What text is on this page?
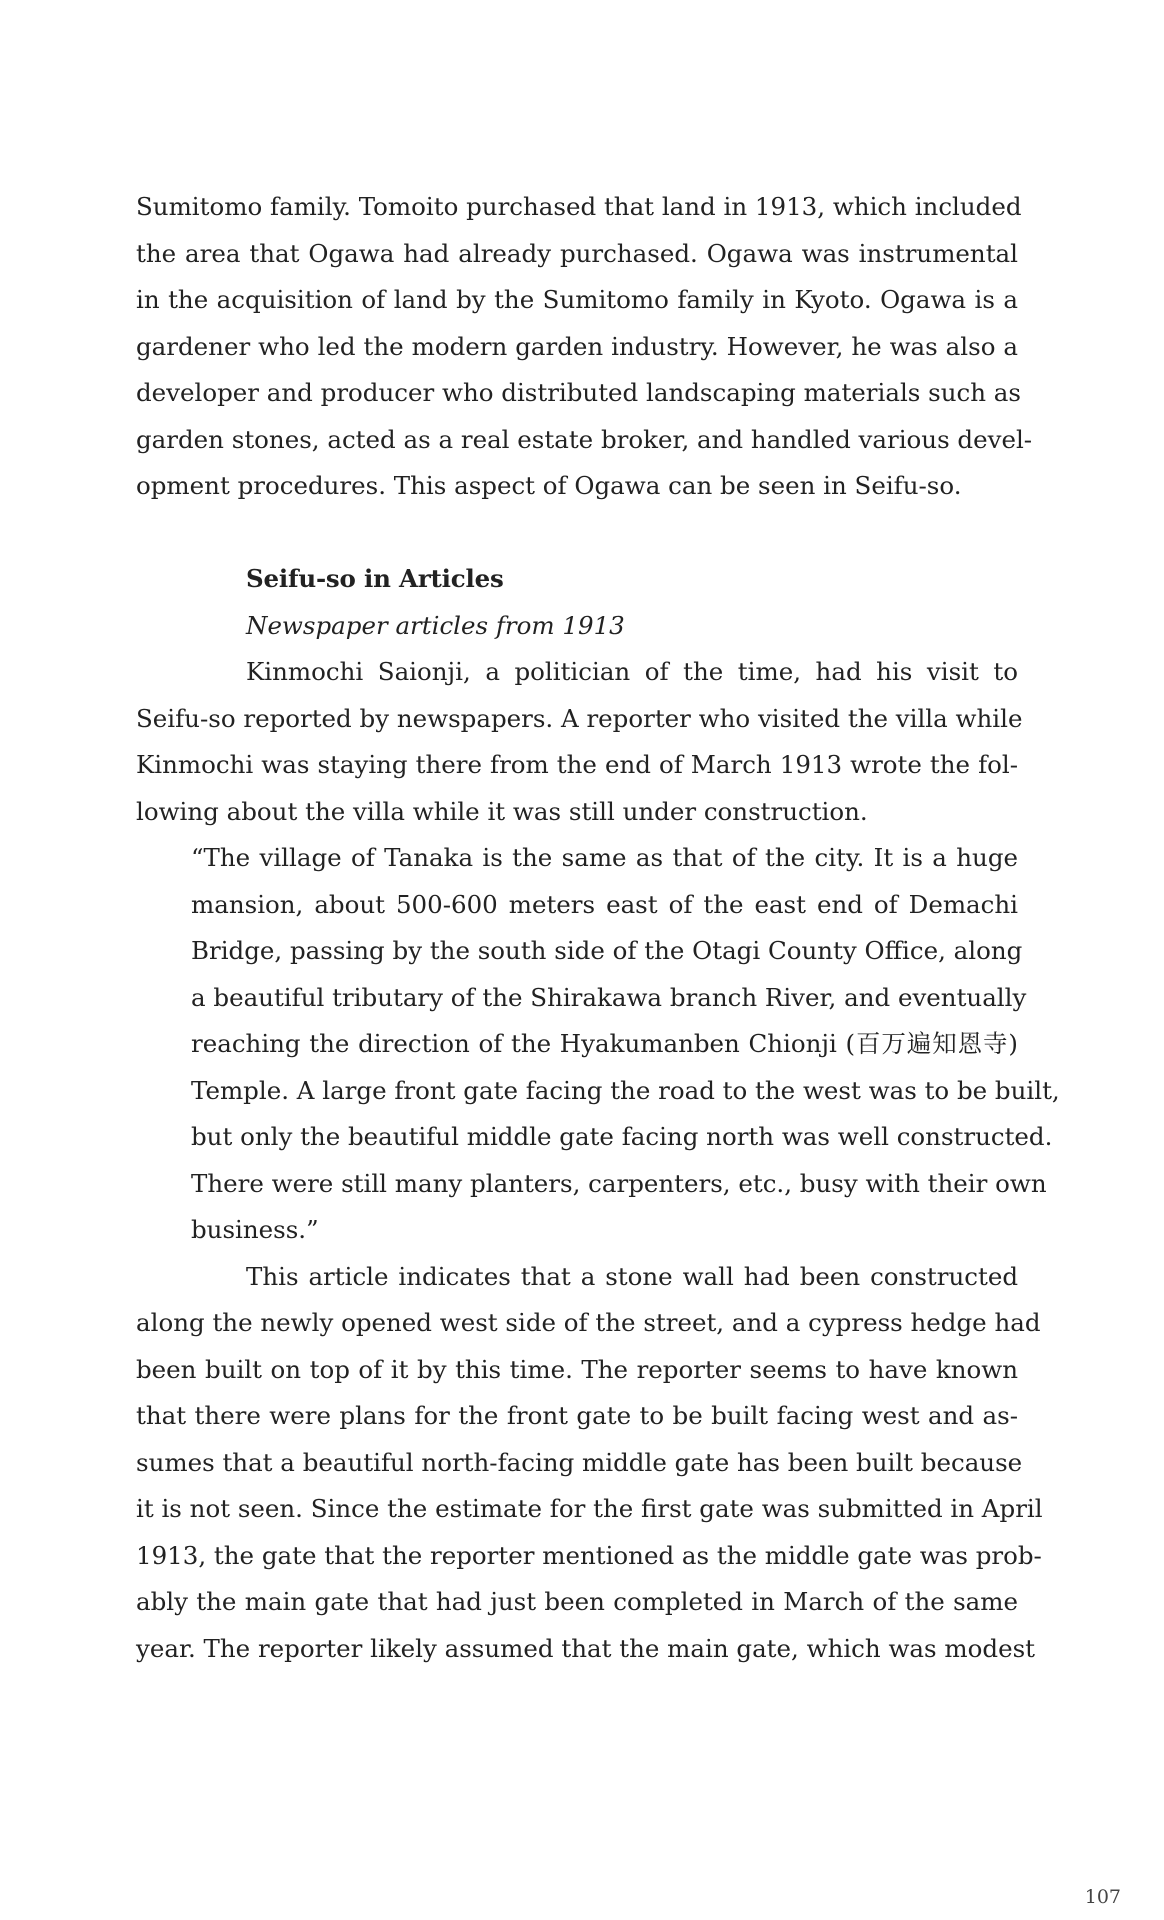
Sumitomo family. Tomoito purchased that land in 1913, which included
the area that Ogawa had already purchased. Ogawa was instrumental
in the acquisition of land by the Sumitomo family in Kyoto. Ogawa is a
gardener who led the modern garden industry. However, he was also a
developer and producer who distributed landscaping materials such as
garden stones, acted as a real estate broker, and handled various devel-
opment procedures. This aspect of Ogawa can be seen in Seifu-so.
Seifu-so in Articles
Newspaper articles from 1913
Kinmochi Saionji, a politician of the time, had his visit to
Seifu-so reported by newspapers. A reporter who visited the villa while
Kinmochi was staying there from the end of March 1913 wrote the fol-
lowing about the villa while it was still under construction.
“The village of Tanaka is the same as that of the city. It is a huge
mansion, about 500-600 meters east of the east end of Demachi
Bridge, passing by the south side of the Otagi County Office, along
a beautiful tributary of the Shirakawa branch River, and eventually
reaching the direction of the Hyakumanben Chionji (百万遍知恩寺)
Temple. A large front gate facing the road to the west was to be built,
but only the beautiful middle gate facing north was well constructed.
There were still many planters, carpenters, etc., busy with their own
business.”
This article indicates that a stone wall had been constructed
along the newly opened west side of the street, and a cypress hedge had
been built on top of it by this time. The reporter seems to have known
that there were plans for the front gate to be built facing west and as-
sumes that a beautiful north-facing middle gate has been built because
it is not seen. Since the estimate for the first gate was submitted in April
1913, the gate that the reporter mentioned as the middle gate was prob-
ably the main gate that had just been completed in March of the same
year. The reporter likely assumed that the main gate, which was modest
107
